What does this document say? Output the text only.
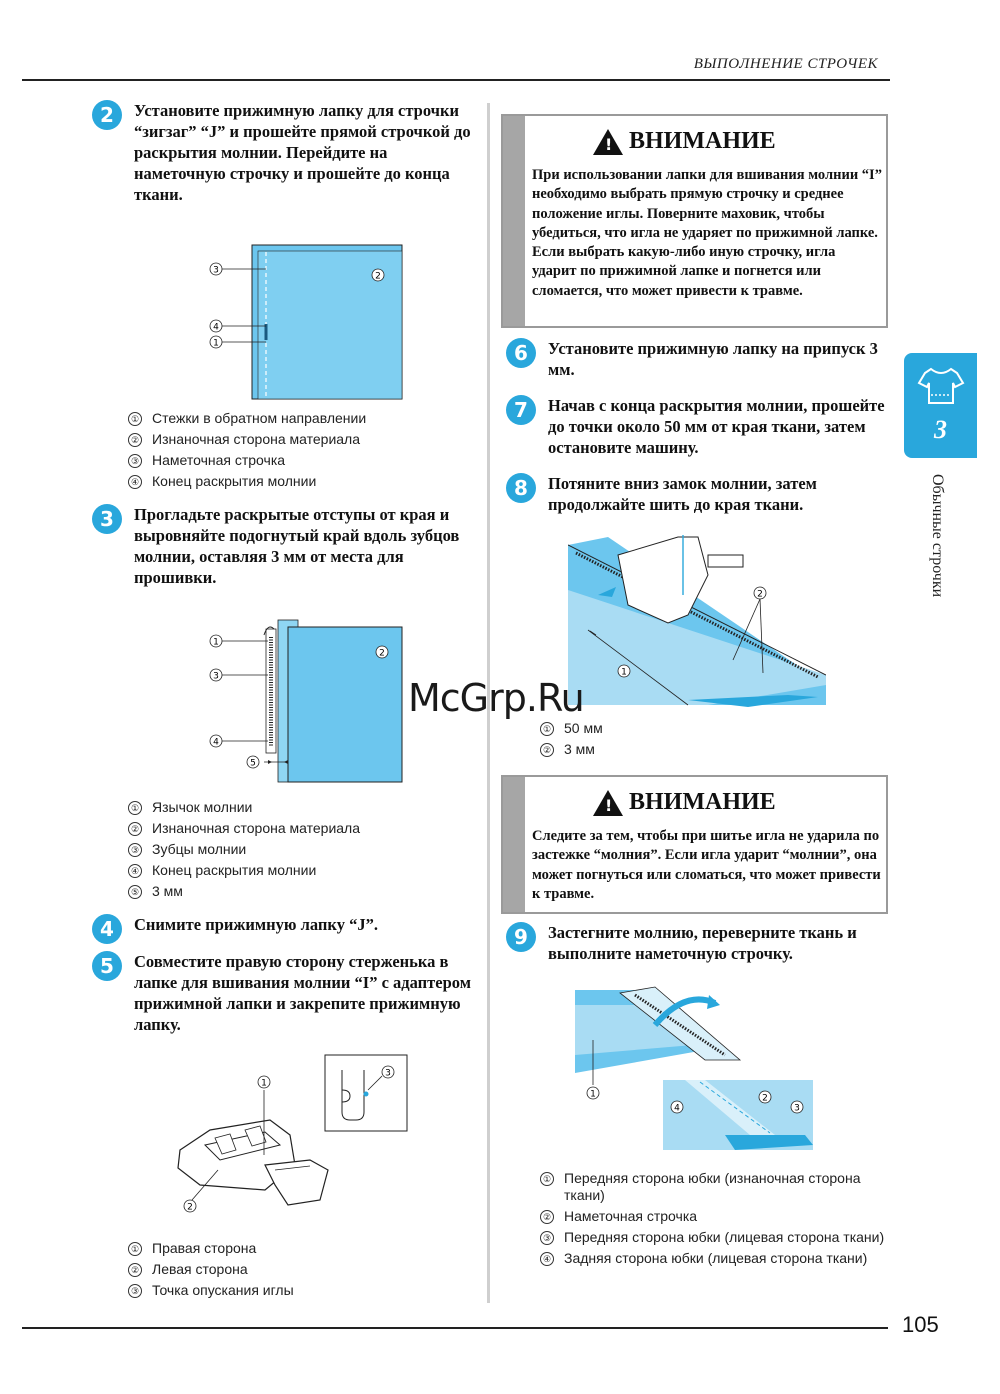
ВЫПОЛНЕНИЕ СТРОЧЕК
2	Установите прижимную лапку для строчки “зигзаг” “J” и прошейте прямой строчкой до раскрытия молнии. Перейдите на наметочную строчку и прошейте до конца ткани.
3
4
1
2
① Стежки в обратном направлении
② Изнаночная сторона материала
③ Наметочная строчка
④ Конец раскрытия молнии
3	Прогладьте раскрытые отступы от края и выровняйте подогнутый край вдоль зубцов молнии, оставляя 3 мм от места для прошивки.
1
3
4
5
2
① Язычок молнии
② Изнаночная сторона материала
③ Зубцы молнии
④ Конец раскрытия молнии
⑤ 3 мм
4	Снимите прижимную лапку “J”.
5	Совместите правую сторону стерженька в лапке для вшивания молнии “I” с адаптером прижимной лапки и закрепите прижимную лапку.
3
1
2
① Правая сторона
② Левая сторона
③ Точка опускания иглы
! ВНИМАНИЕ
При использовании лапки для вшивания молнии “I” необходимо выбрать прямую строчку и среднее положение иглы. Поверните маховик, чтобы убедиться, что игла не ударяет по прижимной лапке. Если выбрать какую-либо иную строчку, игла ударит по прижимной лапке и погнется или сломается, что может привести к травме.
6	Установите прижимную лапку на припуск 3 мм.
7	Начав с конца раскрытия молнии, прошейте до точки около 50 мм от края ткани, затем остановите машину.
8	Потяните вниз замок молнии, затем продолжайте шить до края ткани.
1
2
① 50 мм
② 3 мм
! ВНИМАНИЕ
Следите за тем, чтобы при шитье игла не ударила по застежке “молния”. Если игла ударит “молнии”, она может погнуться или сломаться, что может привести к травме.
9	Застегните молнию, переверните ткань и выполните наметочную строчку.
1
4
2
3
① Передняя сторона юбки (изнаночная сторона ткани)
② Наметочная строчка
③ Передняя сторона юбки (лицевая сторона ткани)
④ Задняя сторона юбки (лицевая сторона ткани)
3
Обычные строчки
McGrp.Ru
105
